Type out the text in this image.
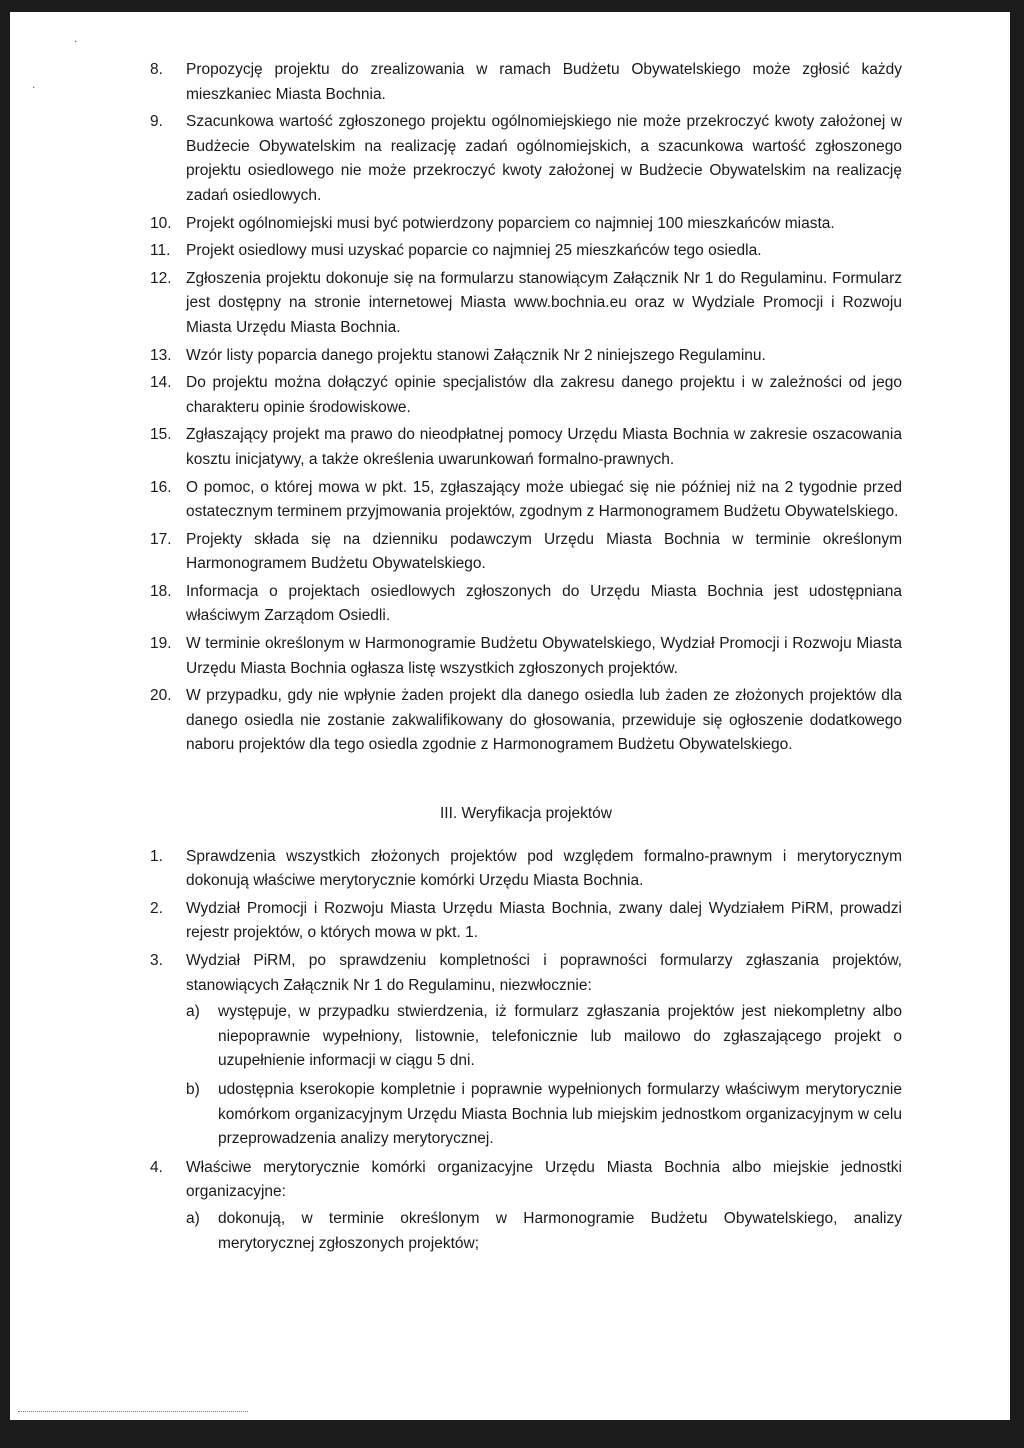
.
.
8. Propozycję projektu do zrealizowania w ramach Budżetu Obywatelskiego może zgłosić każdy mieszkaniec Miasta Bochnia.
9. Szacunkowa wartość zgłoszonego projektu ogólnomiejskiego nie może przekroczyć kwoty założonej w Budżecie Obywatelskim na realizację zadań ogólnomiejskich, a szacunkowa wartość zgłoszonego projektu osiedlowego nie może przekroczyć kwoty założonej w Budżecie Obywatelskim na realizację zadań osiedlowych.
10. Projekt ogólnomiejski musi być potwierdzony poparciem co najmniej 100 mieszkańców miasta.
11. Projekt osiedlowy musi uzyskać poparcie co najmniej 25 mieszkańców tego osiedla.
12. Zgłoszenia projektu dokonuje się na formularzu stanowiącym Załącznik Nr 1 do Regulaminu. Formularz jest dostępny na stronie internetowej Miasta www.bochnia.eu oraz w Wydziale Promocji i Rozwoju Miasta Urzędu Miasta Bochnia.
13. Wzór listy poparcia danego projektu stanowi Załącznik Nr 2 niniejszego Regulaminu.
14. Do projektu można dołączyć opinie specjalistów dla zakresu danego projektu i w zależności od jego charakteru opinie środowiskowe.
15. Zgłaszający projekt ma prawo do nieodpłatnej pomocy Urzędu Miasta Bochnia w zakresie oszacowania kosztu inicjatywy, a także określenia uwarunkowań formalno-prawnych.
16. O pomoc, o której mowa w pkt. 15, zgłaszający może ubiegać się nie później niż na 2 tygodnie przed ostatecznym terminem przyjmowania projektów, zgodnym z Harmonogramem Budżetu Obywatelskiego.
17. Projekty składa się na dzienniku podawczym Urzędu Miasta Bochnia w terminie określonym Harmonogramem Budżetu Obywatelskiego.
18. Informacja o projektach osiedlowych zgłoszonych do Urzędu Miasta Bochnia jest udostępniana właściwym Zarządom Osiedli.
19. W terminie określonym w Harmonogramie Budżetu Obywatelskiego, Wydział Promocji i Rozwoju Miasta Urzędu Miasta Bochnia ogłasza listę wszystkich zgłoszonych projektów.
20. W przypadku, gdy nie wpłynie żaden projekt dla danego osiedla lub żaden ze złożonych projektów dla danego osiedla nie zostanie zakwalifikowany do głosowania, przewiduje się ogłoszenie dodatkowego naboru projektów dla tego osiedla zgodnie z Harmonogramem Budżetu Obywatelskiego.
III. Weryfikacja projektów
1. Sprawdzenia wszystkich złożonych projektów pod względem formalno-prawnym i merytorycznym dokonują właściwe merytorycznie komórki Urzędu Miasta Bochnia.
2. Wydział Promocji i Rozwoju Miasta Urzędu Miasta Bochnia, zwany dalej Wydziałem PiRM, prowadzi rejestr projektów, o których mowa w pkt. 1.
3. Wydział PiRM, po sprawdzeniu kompletności i poprawności formularzy zgłaszania projektów, stanowiących Załącznik Nr 1 do Regulaminu, niezwłocznie:
a) występuje, w przypadku stwierdzenia, iż formularz zgłaszania projektów jest niekompletny albo niepoprawnie wypełniony, listownie, telefonicznie lub mailowo do zgłaszającego projekt o uzupełnienie informacji w ciągu 5 dni.
b) udostępnia kserokopie kompletnie i poprawnie wypełnionych formularzy właściwym merytorycznie komórkom organizacyjnym Urzędu Miasta Bochnia lub miejskim jednostkom organizacyjnym w celu przeprowadzenia analizy merytorycznej.
4. Właściwe merytorycznie komórki organizacyjne Urzędu Miasta Bochnia albo miejskie jednostki organizacyjne:
a) dokonują, w terminie określonym w Harmonogramie Budżetu Obywatelskiego, analizy merytorycznej zgłoszonych projektów;
